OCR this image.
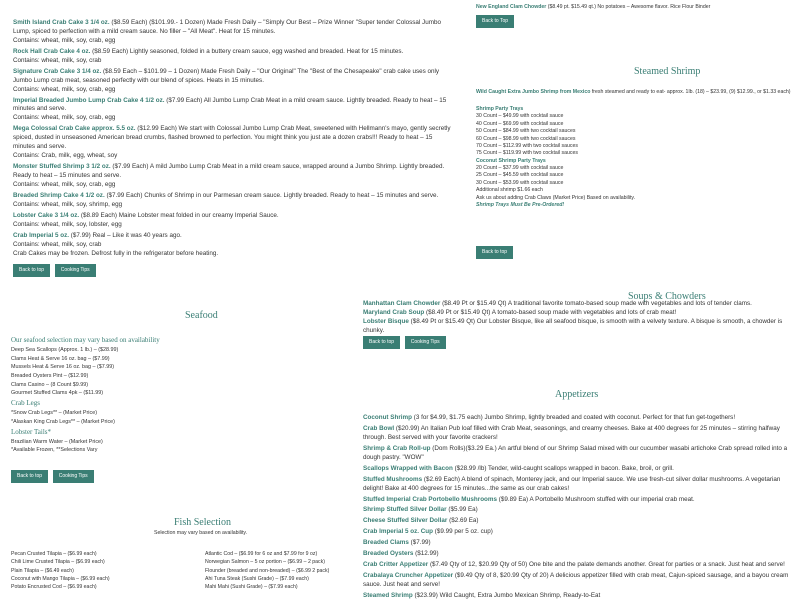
Smith Island Crab Cake 3 1/4 oz. ($8.59 Each) ($101.99.- 1 Dozen) Made Fresh Daily – "Simply Our Best – Prize Winner "Super tender Colossal Jumbo Lump, spiced to perfection with a mild cream sauce. No filler – "All Meat". Heat for 15 minutes.
Contains: wheat, milk, soy, crab, egg

Rock Hall Crab Cake 4 oz. ($8.59 Each) Lightly seasoned, folded in a buttery cream sauce, egg washed and breaded. Heat for 15 minutes.
Contains: wheat, milk, soy, crab

Signature Crab Cake 3 1/4 oz. ($8.59 Each – $101.99 – 1 Dozen) Made Fresh Daily – "Our Original" The "Best of the Chesapeake" crab cake uses only Jumbo Lump crab meat, seasoned perfectly with our blend of spices. Heats in 15 minutes.
Contains: wheat, milk, soy, crab, egg

Imperial Breaded Jumbo Lump Crab Cake 4 1/2 oz. ($7.99 Each) All Jumbo Lump Crab Meat in a mild cream sauce. Lightly breaded. Ready to heat – 15 minutes and serve.
Contains: wheat, milk, soy, crab, egg

Mega Colossal Crab Cake approx. 5.5 oz. ($12.99 Each) We start with Colossal Jumbo Lump Crab Meat, sweetened with Hellmann's mayo, gently secretly spiced, dusted in unseasoned American bread crumbs, flashed browned to perfection. You might think you just ate a dozen crabs!!! Ready to heat – 15 minutes and serve.
Contains: Crab, milk, egg, wheat, soy

Monster Stuffed Shrimp 3 1/2 oz. ($7.99 Each) A mild Jumbo Lump Crab Meat in a mild cream sauce, wrapped around a Jumbo Shrimp. Lightly breaded. Ready to heat – 15 minutes and serve.
Contains: wheat, milk, soy, crab, egg

Breaded Shrimp Cake 4 1/2 oz. ($7.99 Each) Chunks of Shrimp in our Parmesan cream sauce. Lightly breaded. Ready to heat – 15 minutes and serve.
Contains: wheat, milk, soy, shrimp, egg

Lobster Cake 3 1/4 oz. ($8.89 Each) Maine Lobster meat folded in our creamy Imperial Sauce.
Contains: wheat, milk, soy, lobster, egg

Crab Imperial 5 oz. ($7.99) Real – Like it was 40 years ago.
Contains: wheat, milk, soy, crab

Crab Cakes may be frozen. Defrost fully in the refrigerator before heating.
Back to top	Cooking Tips
New England Clam Chowder ($8.49 pt. $15.49 qt.) No potatoes – Awesome flavor. Rice Flour Binder
Back to Top
Steamed Shrimp
Wild Caught Extra Jumbo Shrimp from Mexico fresh steamed and ready to eat- approx. 1lb. (18) – $23.99, (9) $12.99., or $1.33 each)
Shrimp Party Trays
30 Count – $49.99 with cocktail sauce
40 Count – $69.99 with cocktail sauce
50 Count – $84.99 with two cocktail sauces
60 Count – $98.99 with two cocktail sauces
70 Count – $112.99 with two cocktail sauces
75 Count – $119.99 with two cocktail sauces
Coconut Shrimp Party Trays
20 Count – $37.99 with cocktail sauce
25 Count – $45.59 with cocktail sauce
30 Count – $53.99 with cocktail sauce
Additional shrimp $1.66 each
Ask us about adding Crab Claws (Market Price) Based on availability.
Shrimp Trays Must Be Pre-Ordered!
Back to top
Soups & Chowders
Manhattan Clam Chowder ($8.49 Pt or $15.49 Qt) A traditional favorite tomato-based soup made with vegetables and lots of tender clams.
Maryland Crab Soup ($8.49 Pt or $15.49 Qt) A tomato-based soup made with vegetables and lots of crab meat!
Lobster Bisque ($8.49 Pt or $15.49 Qt) Our Lobster Bisque, like all seafood bisque, is smooth with a velvety texture. A bisque is smooth, a chowder is chunky.
Back to top	Cooking Tips
Seafood
Our seafood selection may vary based on availability
Deep Sea Scallops (Approx. 1 lb.) – ($28.99)
Clams Heat & Serve 16 oz. bag – ($7.99)
Mussels Heat & Serve 16 oz. bag – ($7.99)
Breaded Oysters Pint – ($12.99)
Clams Casino – (8 Count $9.99)
Gourmet Stuffed Clams 4pk – ($11.99)
Crab Legs
*Snow Crab Legs** – (Market Price)
*Alaskan King Crab Legs** – (Market Price)
Lobster Tails*
Brazilian Warm Water – (Market Price)
*Available Frozen, **Selections Vary
Back to top	Cooking Tips
Appetizers
Coconut Shrimp (3 for $4.99, $1.75 each) Jumbo Shrimp, lightly breaded and coated with coconut. Perfect for that fun get-togethers!
Crab Bowl ($20.99) An Italian Pub loaf filled with Crab Meat, seasonings, and creamy cheeses. Bake at 400 degrees for 25 minutes – stirring halfway through. Best served with your favorite crackers!
Shrimp & Crab Roll-up (Dom Rolls)($3.29 Ea.) An artful blend of our Shrimp Salad mixed with our cucumber wasabi artichoke Crab spread rolled into a dough pastry. "WOW"
Scallops Wrapped with Bacon ($28.99 /lb) Tender, wild-caught scallops wrapped in bacon. Bake, broil, or grill.
Stuffed Mushrooms ($2.69 Each) A blend of spinach, Monterey jack, and our Imperial sauce. We use fresh-cut silver dollar mushrooms. A vegetarian delight! Bake at 400 degrees for 15 minutes...the same as our crab cakes!
Stuffed Imperial Crab Portobello Mushrooms ($9.89 Ea) A Portobello Mushroom stuffed with our imperial crab meat.
Shrimp Stuffed Silver Dollar ($5.99 Ea)
Cheese Stuffed Silver Dollar ($2.69 Ea)
Crab Imperial 5 oz. Cup ($9.99 per 5 oz. cup)
Breaded Clams ($7.99)
Breaded Oysters ($12.99)
Crab Critter Appetizer ($7.49 Qty of 12, $20.99 Qty of 50) One bite and the palate demands another. Great for parties or a snack. Just heat and serve!
Crabalaya Cruncher Appetizer ($9.49 Qty of 8, $20.99 Qty of 20) A delicious appetizer filled with crab meat, Cajun-spiced sausage, and a bayou cream sauce. Just heat and serve!
Steamed Shrimp ($23.99) Wild Caught, Extra Jumbo Mexican Shrimp, Ready-to-Eat
Fish Selection
Selection may vary based on availability.
Pecan Crusted Tilapia – ($6.99 each)
Chili Lime Crusted Tilapia – ($6.99 each)
Plain Tilapia – ($6.49 each)
Coconut with Mango Tilapia – ($6.99 each)
Potato Encrusted Cod – ($6.99 each)
Atlantic Cod – ($6.99 for 6 oz and $7.99 for 9 oz)
Norwegian Salmon – 5 oz portion – ($6.99 – 2 pack)
Flounder (breaded and non-breaded) – ($6.99 2 pack)
Ahi Tuna Steak (Sushi Grade) – ($7.99 each)
Mahi Mahi (Sushi Grade) – ($7.99 each)
